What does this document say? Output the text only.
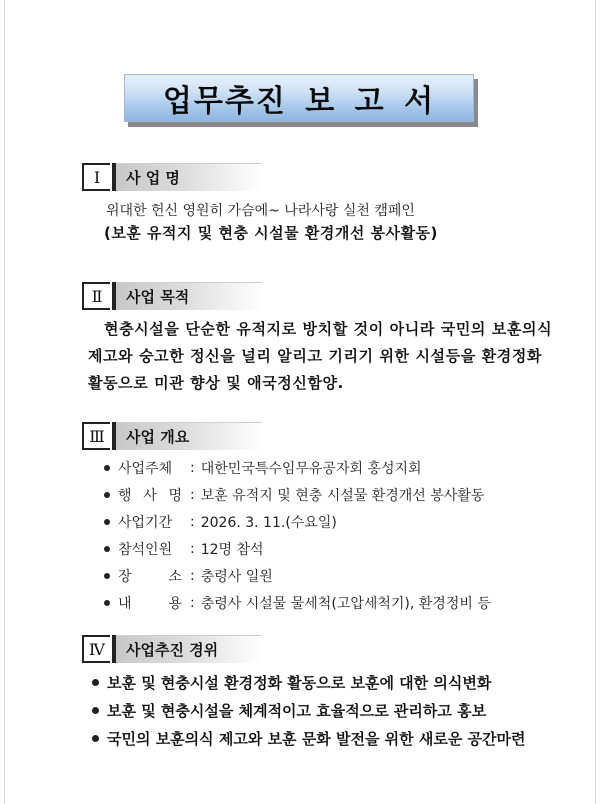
업무추진 보 고 서
Ⅰ	사 업 명
위대한 헌신 영원히 가슴에~ 나라사랑 실천 캠페인
(보훈 유적지 및 현충 시설물 환경개선 봉사활동)
Ⅱ	사업 목적
현충시설을 단순한 유적지로 방치할 것이 아니라 국민의 보훈의식
제고와 숭고한 정신을 널리 알리고 기리기 위한 시설등을 환경정화
활동으로 미관 향상 및 애국정신함양.
Ⅲ	사업 개요
사업주체	: 대한민국특수임무유공자회 홍성지회
행 사 명 : 보훈 유적지 및 현충 시설물 환경개선 봉사활동
사업기간	: 2026. 3. 11.(수요일)
참석인원	: 12명 참석
장 소 : 충령사 일원
내 용 : 충령사 시설물 물세척(고압세척기), 환경정비 등
Ⅳ	사업추진 경위
보훈 및 현충시설 환경정화 활동으로 보훈에 대한 의식변화
보훈 및 현충시설을 체계적이고 효율적으로 관리하고 홍보
국민의 보훈의식 제고와 보훈 문화 발전을 위한 새로운 공간마련
